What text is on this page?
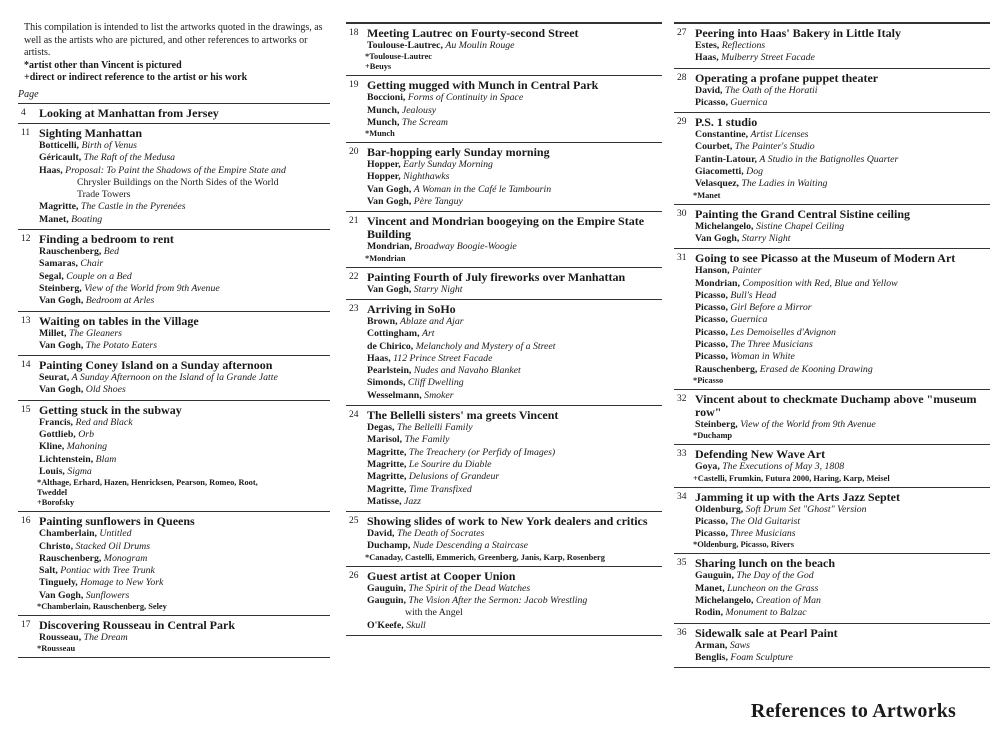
This compilation is intended to list the artworks quoted in the drawings, as well as the artists who are pictured, and other references to artworks or artists.
*artist other than Vincent is pictured
+direct or indirect reference to the artist or his work
Page
4 Looking at Manhattan from Jersey
11 Sighting Manhattan
Botticelli, Birth of Venus
Géricault, The Raft of the Medusa
Haas, Proposal: To Paint the Shadows of the Empire State and
Chrysler Buildings on the North Sides of the World
Trade Towers
Magritte, The Castle in the Pyrenées
Manet, Boating
12 Finding a bedroom to rent
Rauschenberg, Bed
Samaras, Chair
Segal, Couple on a Bed
Steinberg, View of the World from 9th Avenue
Van Gogh, Bedroom at Arles
13 Waiting on tables in the Village
Millet, The Gleaners
Van Gogh, The Potato Eaters
14 Painting Coney Island on a Sunday afternoon
Seurat, A Sunday Afternoon on the Island of la Grande Jatte
Van Gogh, Old Shoes
15 Getting stuck in the subway
Francis, Red and Black
Gottlieb, Orb
Kline, Mahoning
Lichtenstein, Blam
Louis, Sigma
*Althage, Erhard, Hazen, Henricksen, Pearson, Romeo, Root,
Tweddel
+Borofsky
16 Painting sunflowers in Queens
Chamberlain, Untitled
Christo, Stacked Oil Drums
Rauschenberg, Monogram
Salt, Pontiac with Tree Trunk
Tinguely, Homage to New York
Van Gogh, Sunflowers
*Chamberlain, Rauschenberg, Seley
17 Discovering Rousseau in Central Park
Rousseau, The Dream
*Rousseau
18 Meeting Lautrec on Fourty-second Street
Toulouse-Lautrec, Au Moulin Rouge
*Toulouse-Lautrec
+Beuys
19 Getting mugged with Munch in Central Park
Boccioni, Forms of Continuity in Space
Munch, Jealousy
Munch, The Scream
*Munch
20 Bar-hopping early Sunday morning
Hopper, Early Sunday Morning
Hopper, Nighthawks
Van Gogh, A Woman in the Café le Tambourin
Van Gogh, Père Tanguy
21 Vincent and Mondrian boogeying on the Empire State Building
Mondrian, Broadway Boogie-Woogie
*Mondrian
22 Painting Fourth of July fireworks over Manhattan
Van Gogh, Starry Night
23 Arriving in SoHo
Brown, Ablaze and Ajar
Cottingham, Art
de Chirico, Melancholy and Mystery of a Street
Haas, 112 Prince Street Facade
Pearlstein, Nudes and Navaho Blanket
Simonds, Cliff Dwelling
Wesselmann, Smoker
24 The Bellelli sisters' ma greets Vincent
Degas, The Bellelli Family
Marisol, The Family
Magritte, The Treachery (or Perfidy of Images)
Magritte, Le Sourire du Diable
Magritte, Delusions of Grandeur
Magritte, Time Transfixed
Matisse, Jazz
25 Showing slides of work to New York dealers and critics
David, The Death of Socrates
Duchamp, Nude Descending a Staircase
*Canaday, Castelli, Emmerich, Greenberg, Janis, Karp, Rosenberg
26 Guest artist at Cooper Union
Gauguin, The Spirit of the Dead Watches
Gauguin, The Vision After the Sermon: Jacob Wrestling
with the Angel
O'Keefe, Skull
27 Peering into Haas' Bakery in Little Italy
Estes, Reflections
Haas, Mulberry Street Facade
28 Operating a profane puppet theater
David, The Oath of the Horatii
Picasso, Guernica
29 P.S. 1 studio
Constantine, Artist Licenses
Courbet, The Painter's Studio
Fantin-Latour, A Studio in the Batignolles Quarter
Giacometti, Dog
Velasquez, The Ladies in Waiting
*Manet
30 Painting the Grand Central Sistine ceiling
Michelangelo, Sistine Chapel Ceiling
Van Gogh, Starry Night
31 Going to see Picasso at the Museum of Modern Art
Hanson, Painter
Mondrian, Composition with Red, Blue and Yellow
Picasso, Bull's Head
Picasso, Girl Before a Mirror
Picasso, Guernica
Picasso, Les Demoiselles d'Avignon
Picasso, The Three Musicians
Picasso, Woman in White
Rauschenberg, Erased de Kooning Drawing
*Picasso
32 Vincent about to checkmate Duchamp above "museum row"
Steinberg, View of the World from 9th Avenue
*Duchamp
33 Defending New Wave Art
Goya, The Executions of May 3, 1808
+Castelli, Frumkin, Futura 2000, Haring, Karp, Meisel
34 Jamming it up with the Arts Jazz Septet
Oldenburg, Soft Drum Set "Ghost" Version
Picasso, The Old Guitarist
Picasso, Three Musicians
*Oldenburg, Picasso, Rivers
35 Sharing lunch on the beach
Gauguin, The Day of the God
Manet, Luncheon on the Grass
Michelangelo, Creation of Man
Rodin, Monument to Balzac
36 Sidewalk sale at Pearl Paint
Arman, Saws
Benglis, Foam Sculpture
References to Artworks
